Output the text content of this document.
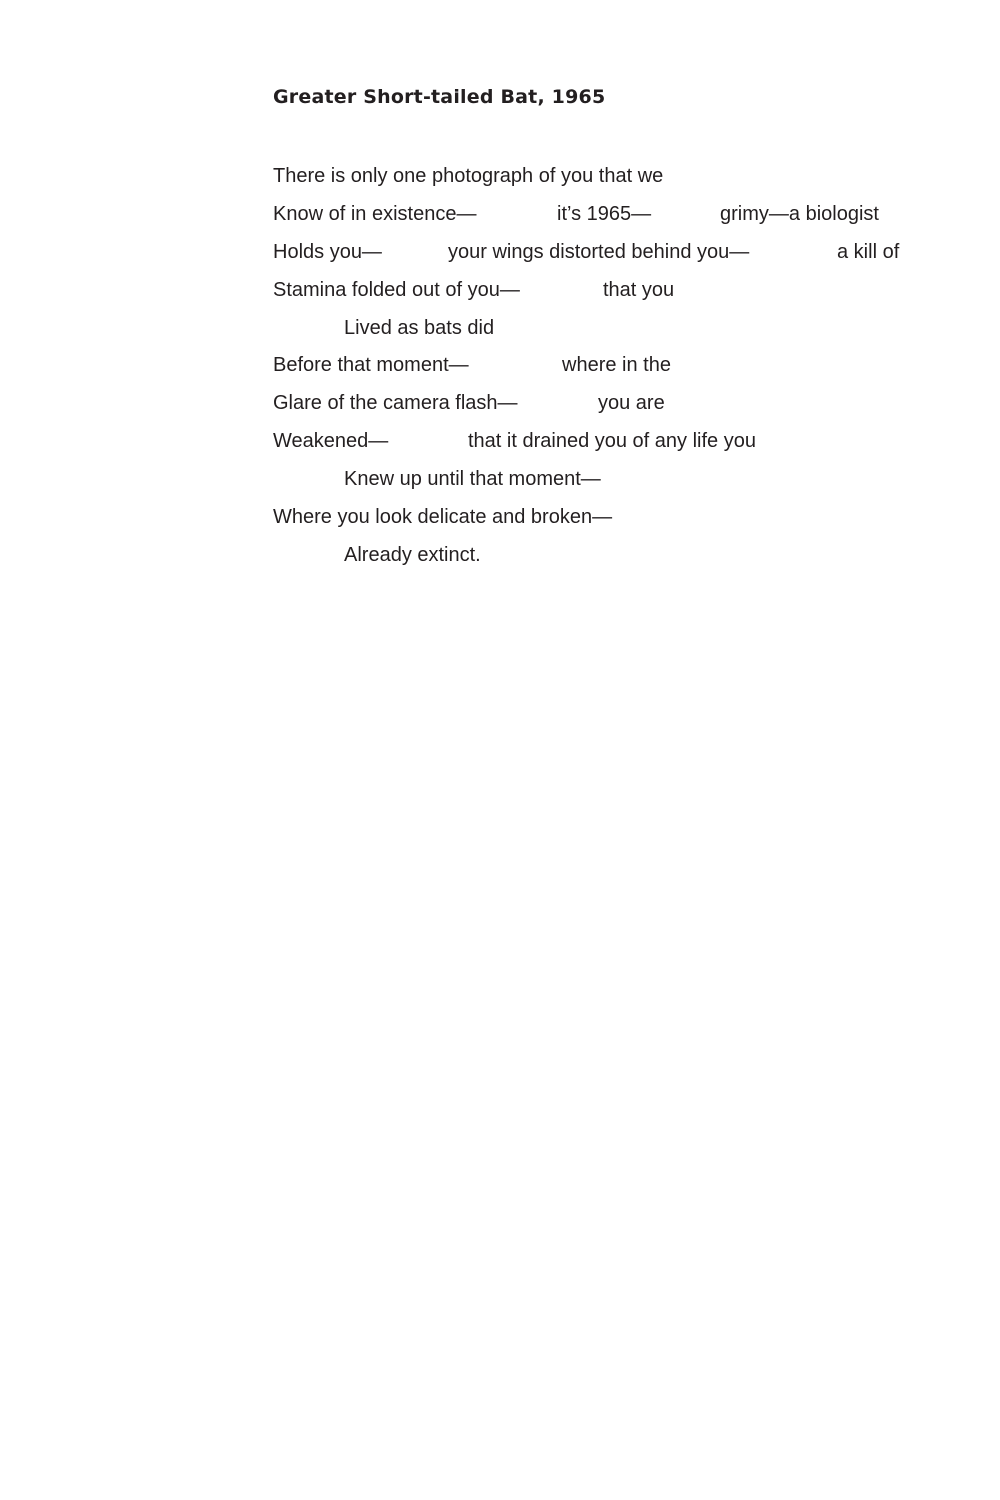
Greater Short-tailed Bat, 1965
There is only one photograph of you that we
Know of in existence—	it’s 1965—	grimy—a biologist
Holds you—	your wings distorted behind you—	a kill of
Stamina folded out of you—	that you
Lived as bats did
Before that moment—	where in the
Glare of the camera flash—	you are
Weakened—	that it drained you of any life you
Knew up until that moment—
Where you look delicate and broken—
Already extinct.
